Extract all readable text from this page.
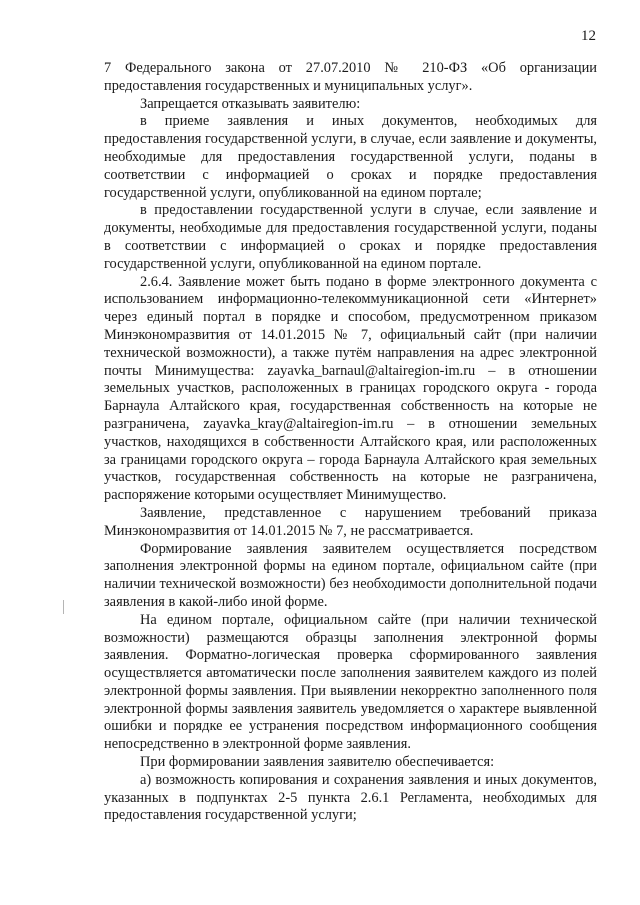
12

7 Федерального закона от 27.07.2010 № 210-ФЗ «Об организации предоставления государственных и муниципальных услуг».

Запрещается отказывать заявителю:

в приеме заявления и иных документов, необходимых для предоставления государственной услуги, в случае, если заявление и документы, необходимые для предоставления государственной услуги, поданы в соответствии с информацией о сроках и порядке предоставления государственной услуги, опубликованной на едином портале;

в предоставлении государственной услуги в случае, если заявление и документы, необходимые для предоставления государственной услуги, поданы в соответствии с информацией о сроках и порядке предоставления государственной услуги, опубликованной на едином портале.

2.6.4. Заявление может быть подано в форме электронного документа с использованием информационно-телекоммуникационной сети «Интернет» через единый портал в порядке и способом, предусмотренном приказом Минэкономразвития от 14.01.2015 № 7, официальный сайт (при наличии технической возможности), а также путём направления на адрес электронной почты Минимущества: zayavka_barnaul@altairegion-im.ru – в отношении земельных участков, расположенных в границах городского округа - города Барнаула Алтайского края, государственная собственность на которые не разграничена, zayavka_kray@altairegion-im.ru – в отношении земельных участков, находящихся в собственности Алтайского края, или расположенных за границами городского округа – города Барнаула Алтайского края земельных участков, государственная собственность на которые не разграничена, распоряжение которыми осуществляет Минимущество.

Заявление, представленное с нарушением требований приказа Минэкономразвития от 14.01.2015 № 7, не рассматривается.

Формирование заявления заявителем осуществляется посредством заполнения электронной формы на едином портале, официальном сайте (при наличии технической возможности) без необходимости дополнительной подачи заявления в какой-либо иной форме.

На едином портале, официальном сайте (при наличии технической возможности) размещаются образцы заполнения электронной формы заявления. Форматно-логическая проверка сформированного заявления осуществляется автоматически после заполнения заявителем каждого из полей электронной формы заявления. При выявлении некорректно заполненного поля электронной формы заявления заявитель уведомляется о характере выявленной ошибки и порядке ее устранения посредством информационного сообщения непосредственно в электронной форме заявления.

При формировании заявления заявителю обеспечивается:

а) возможность копирования и сохранения заявления и иных документов, указанных в подпунктах 2-5 пункта 2.6.1 Регламента, необходимых для предоставления государственной услуги;
